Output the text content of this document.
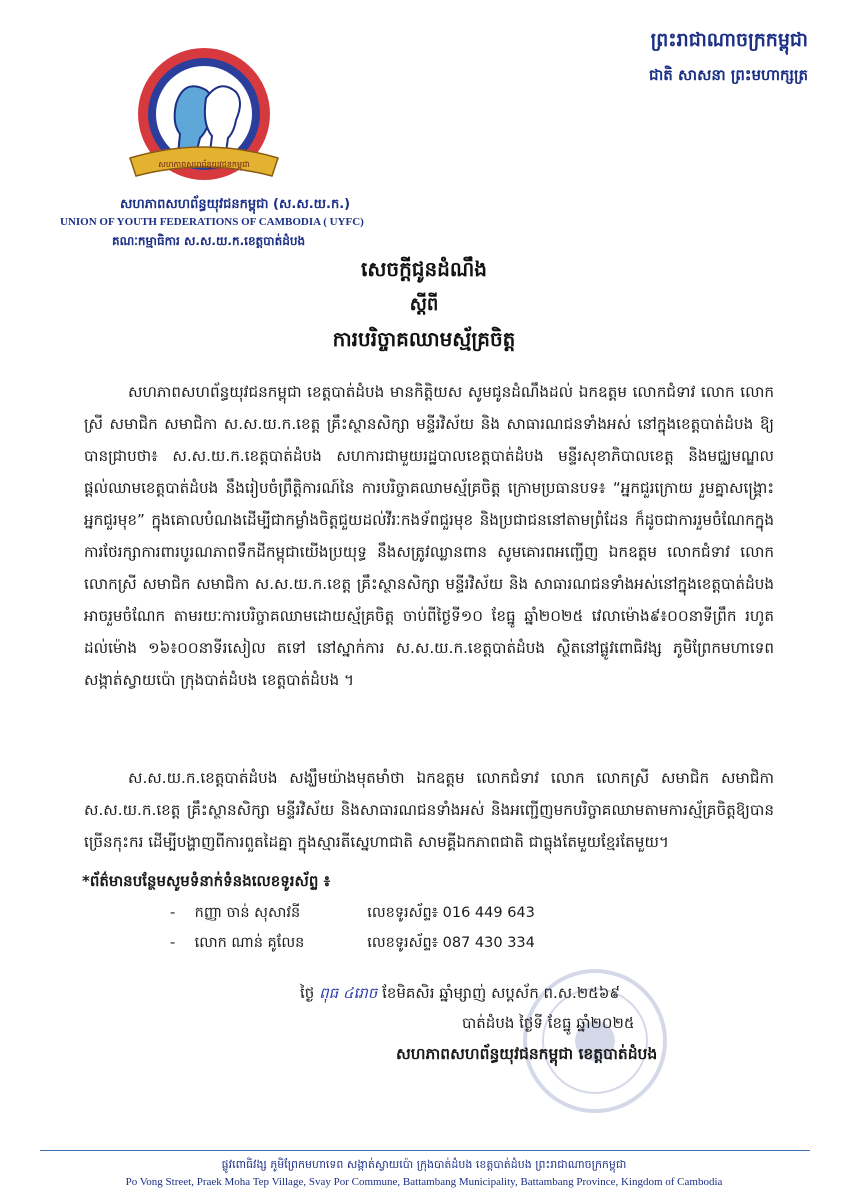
សហភាពសហព័ន្ធយុវជនកម្ពុជា
សហភាពសហព័ន្ធយុវជនកម្ពុជា (ស.ស.យ.ក.)
UNION OF YOUTH FEDERATIONS OF CAMBODIA ( UYFC)
គណៈកម្មាធិការ ស.ស.យ.ក.ខេត្តបាត់ដំបង
ព្រះរាជាណាចក្រកម្ពុជា
ជាតិ សាសនា ព្រះមហាក្សត្រ
សេចក្តីជូនដំណឹង
ស្តីពី
ការបរិច្ចាគឈាមស្ម័គ្រចិត្ត

សហភាពសហព័ន្ធយុវជនកម្ពុជា ខេត្តបាត់ដំបង មានកិត្តិយស សូមជូនដំណឹងដល់ ឯកឧត្តម លោកជំទាវ លោក លោកស្រី សមាជិក សមាជិកា ស.ស.យ.ក.ខេត្ត គ្រឹះស្ថានសិក្សា មន្ទីរវិស័យ និង សាធារណជនទាំងអស់ នៅក្នុងខេត្តបាត់ដំបង ឱ្យបានជ្រាបថា៖ ស.ស.យ.ក.ខេត្តបាត់ដំបង សហការជាមួយរដ្ឋបាលខេត្តបាត់ដំបង មន្ទីរសុខាភិបាលខេត្ត និងមជ្ឈមណ្ឌលផ្តល់ឈាមខេត្តបាត់ដំបង នឹងរៀបចំព្រឹត្តិការណ៍នៃ ការបរិច្ចាគឈាមស្ម័គ្រចិត្ត ក្រោមប្រធានបទ៖ “អ្នកជួរក្រោយ រួមគ្នាសង្គ្រោះអ្នកជួរមុខ” ក្នុងគោលបំណងដើម្បីជាកម្លាំងចិត្តជួយដល់វីរៈកងទ័ពជួរមុខ និងប្រជាជននៅតាមព្រំដែន ក៏ដូចជាការរួមចំណែកក្នុងការថែរក្សាការពារបូរណភាពទឹកដីកម្ពុជាយើងប្រយុទ្ធ នឹងសត្រូវឈ្លានពាន សូមគោរពអញ្ជើញ ឯកឧត្តម លោកជំទាវ លោក លោកស្រី សមាជិក សមាជិកា ស.ស.យ.ក.ខេត្ត គ្រឹះស្ថានសិក្សា មន្ទីរវិស័យ និង សាធារណជនទាំងអស់នៅក្នុងខេត្តបាត់ដំបង អាចរួមចំណែក តាមរយៈការបរិច្ចាគឈាមដោយស្ម័គ្រចិត្ត ចាប់ពីថ្ងៃទី១០ ខែធ្នូ ឆ្នាំ២០២៥ វេលាម៉ោង៩៖០០នាទីព្រឹក រហូតដល់ម៉ោង ១៦៖០០នាទីរសៀល តទៅ នៅស្នាក់ការ ស.ស.យ.ក.ខេត្តបាត់ដំបង ស្ថិតនៅផ្លូវពោធិវង្ស ភូមិព្រែកមហាទេព សង្កាត់ស្វាយប៉ោ ក្រុងបាត់ដំបង ខេត្តបាត់ដំបង ។

ស.ស.យ.ក.ខេត្តបាត់ដំបង សង្ឃឹមយ៉ាងមុតមាំថា ឯកឧត្តម លោកជំទាវ លោក លោកស្រី សមាជិក សមាជិកា ស.ស.យ.ក.ខេត្ត គ្រឹះស្ថានសិក្សា មន្ទីរវិស័យ និងសាធារណជនទាំងអស់ និងអញ្ជើញមកបរិច្ចាគឈាមតាមការស្ម័គ្រចិត្តឱ្យបានច្រើនកុះករ ដើម្បីបង្ហាញពីការពួតដៃគ្នា ក្នុងស្មារតីស្នេហាជាតិ សាមគ្គីឯកភាពជាតិ ជាធ្លុងតែមួយខ្មែរតែមួយ។

*ព័ត៌មានបន្ថែមសូមទំនាក់ទំនងលេខទូរស័ព្ទ ៖
- កញ្ញា ចាន់ សុសាវនី	លេខទូរស័ព្ទ៖ 016 449 643
- លោក ណាន់ គូលែន	លេខទូរស័ព្ទ៖ 087 430 334
ថ្ងៃ ពុធ ៤រោច ខែមិគសិរ ឆ្នាំម្សាញ់ សប្តស័ក ព.ស.២៥៦៩
បាត់ដំបង ថ្ងៃទី ខែធ្នូ ឆ្នាំ២០២៥
សហភាពសហព័ន្ធយុវជនកម្ពុជា ខេត្តបាត់ដំបង
ផ្លូវពោធិវង្ស ភូមិព្រែកមហាទេព សង្កាត់ស្វាយប៉ោ ក្រុងបាត់ដំបង ខេត្តបាត់ដំបង ព្រះរាជាណាចក្រកម្ពុជា
Po Vong Street, Praek Moha Tep Village, Svay Por Commune, Battambang Municipality, Battambang Province, Kingdom of Cambodia
